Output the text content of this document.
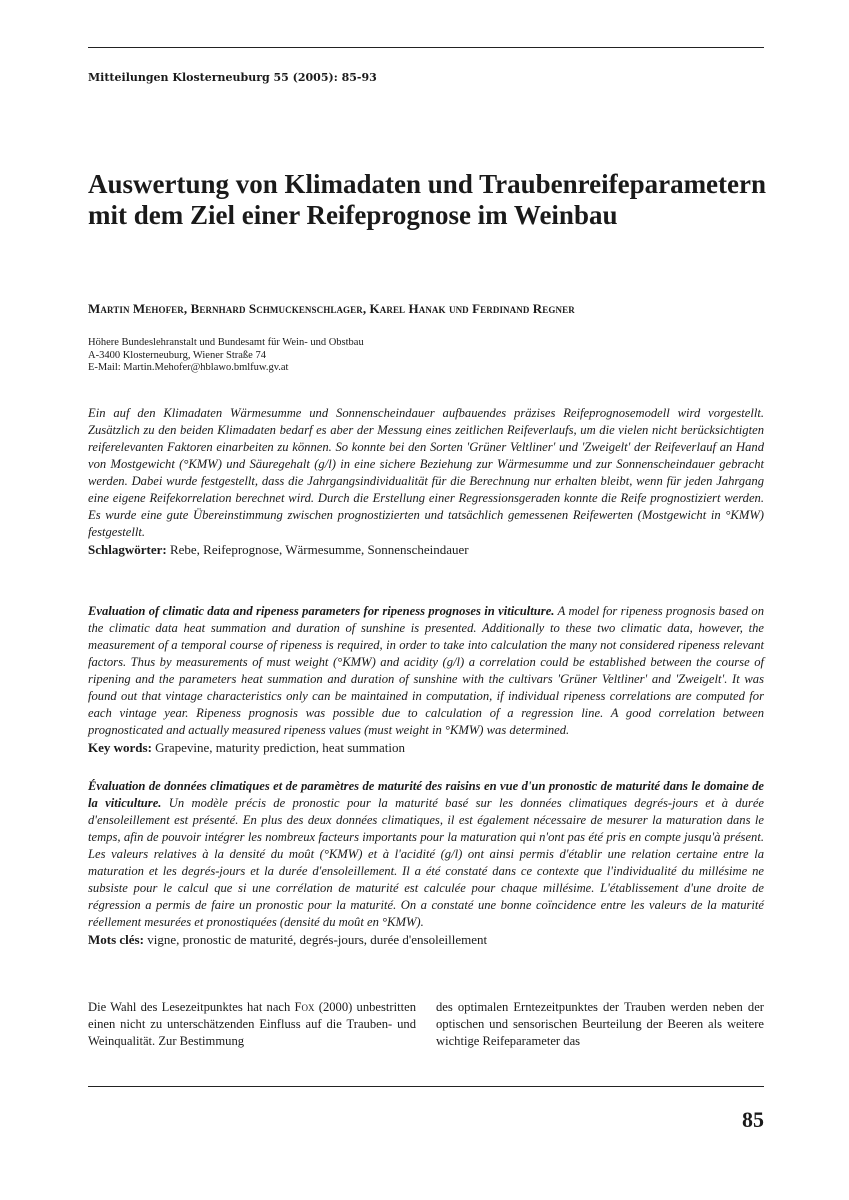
Mitteilungen Klosterneuburg 55 (2005): 85-93
Auswertung von Klimadaten und Traubenreifeparametern mit dem Ziel einer Reifeprognose im Weinbau
Martin Mehofer, Bernhard Schmuckenschlager, Karel Hanak und Ferdinand Regner
Höhere Bundeslehranstalt und Bundesamt für Wein- und Obstbau
A-3400 Klosterneuburg, Wiener Straße 74
E-Mail: Martin.Mehofer@hblawo.bmlfuw.gv.at

Ein auf den Klimadaten Wärmesumme und Sonnenscheindauer aufbauendes präzises Reifeprognosemodell wird vorgestellt. Zusätzlich zu den beiden Klimadaten bedarf es aber der Messung eines zeitlichen Reifeverlaufs, um die vielen nicht berücksichtigten reiferelevanten Faktoren einarbeiten zu können. So konnte bei den Sorten 'Grüner Veltliner' und 'Zweigelt' der Reifeverlauf an Hand von Mostgewicht (°KMW) und Säuregehalt (g/l) in eine sichere Beziehung zur Wärmesumme und zur Sonnenscheindauer gebracht werden. Dabei wurde festgestellt, dass die Jahrgangsindividualität für die Berechnung nur erhalten bleibt, wenn für jeden Jahrgang eine eigene Reifekorrelation berechnet wird. Durch die Erstellung einer Regressionsgeraden konnte die Reife prognostiziert werden. Es wurde eine gute Übereinstimmung zwischen prognostizierten und tatsächlich gemessenen Reifewerten (Mostgewicht in °KMW) festgestellt.

Schlagwörter: Rebe, Reifeprognose, Wärmesumme, Sonnenscheindauer

Evaluation of climatic data and ripeness parameters for ripeness prognoses in viticulture. A model for ripeness prognosis based on the climatic data heat summation and duration of sunshine is presented. Additionally to these two climatic data, however, the measurement of a temporal course of ripeness is required, in order to take into calculation the many not considered ripeness relevant factors. Thus by measurements of must weight (°KMW) and acidity (g/l) a correlation could be established between the course of ripening and the parameters heat summation and duration of sunshine with the cultivars 'Grüner Veltliner' and 'Zweigelt'. It was found out that vintage characteristics only can be maintained in computation, if individual ripeness correlations are computed for each vintage year. Ripeness prognosis was possible due to calculation of a regression line. A good correlation between prognosticated and actually measured ripeness values (must weight in °KMW) was determined.

Key words: Grapevine, maturity prediction, heat summation

Évaluation de données climatiques et de paramètres de maturité des raisins en vue d'un pronostic de maturité dans le domaine de la viticulture. Un modèle précis de pronostic pour la maturité basé sur les données climatiques degrés-jours et à durée d'ensoleillement est présenté. En plus des deux données climatiques, il est également nécessaire de mesurer la maturation dans le temps, afin de pouvoir intégrer les nombreux facteurs importants pour la maturation qui n'ont pas été pris en compte jusqu'à présent. Les valeurs relatives à la densité du moût (°KMW) et à l'acidité (g/l) ont ainsi permis d'établir une relation certaine entre la maturation et les degrés-jours et la durée d'ensoleillement. Il a été constaté dans ce contexte que l'individualité du millésime ne subsiste pour le calcul que si une corrélation de maturité est calculée pour chaque millésime. L'établissement d'une droite de régression a permis de faire un pronostic pour la maturité. On a constaté une bonne coïncidence entre les valeurs de la maturité réellement mesurées et pronostiquées (densité du moût en °KMW).

Mots clés: vigne, pronostic de maturité, degrés-jours, durée d'ensoleillement

Die Wahl des Lesezeitpunktes hat nach Fox (2000) unbestritten einen nicht zu unterschätzenden Einfluss auf die Trauben- und Weinqualität. Zur Bestimmung

des optimalen Erntezeitpunktes der Trauben werden neben der optischen und sensorischen Beurteilung der Beeren als weitere wichtige Reifeparameter das

85
